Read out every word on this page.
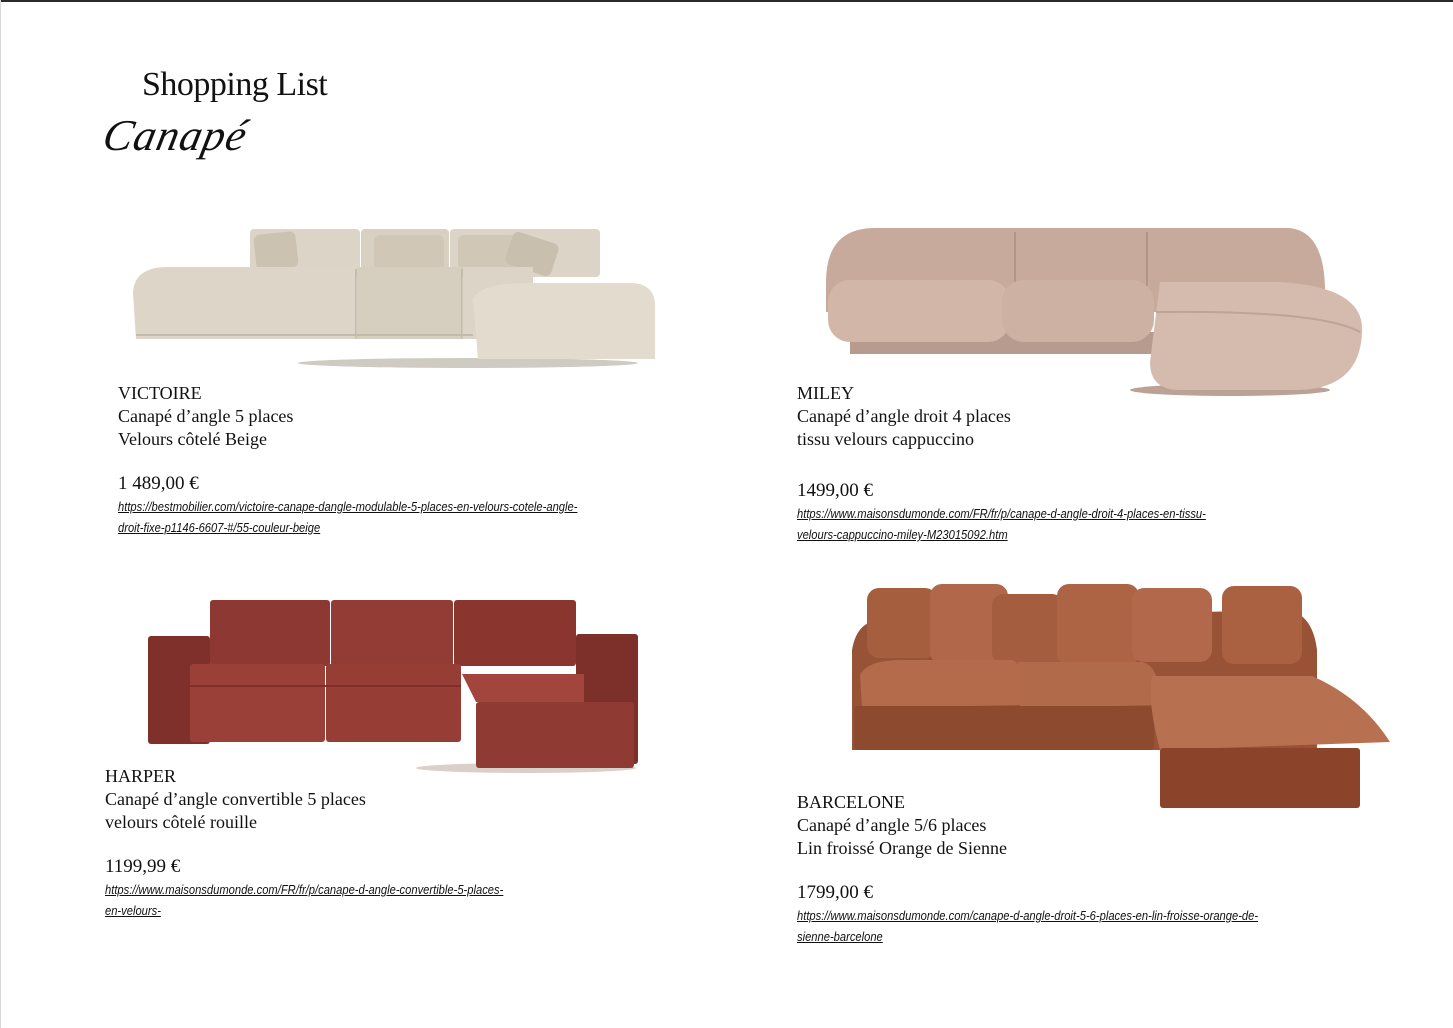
Shopping List
Canapé
VICTOIRE
Canapé d’angle 5 places
Velours côtelé Beige
1 489,00 €
https://bestmobilier.com/victoire-canape-dangle-modulable-5-places-en-velours-cotele-angle-droit-fixe-p1146-6607-#/55-couleur-beige
MILEY
Canapé d’angle droit 4 places
tissu velours cappuccino
1499,00 €
https://www.maisonsdumonde.com/FR/fr/p/canape-d-angle-droit-4-places-en-tissu-velours-cappuccino-miley-M23015092.htm
HARPER
Canapé d’angle convertible 5 places
velours côtelé rouille
1199,99 €
https://www.maisonsdumonde.com/FR/fr/p/canape-d-angle-convertible-5-places-en-velours-
BARCELONE
Canapé d’angle 5/6 places
Lin froissé Orange de Sienne
1799,00 €
https://www.maisonsdumonde.com/canape-d-angle-droit-5-6-places-en-lin-froisse-orange-de-sienne-barcelone
